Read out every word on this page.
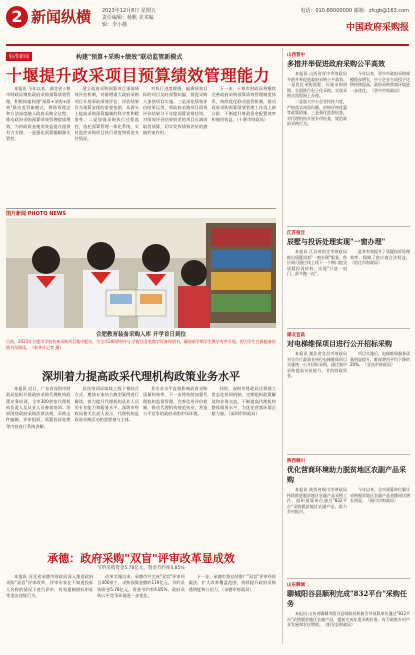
2 新闻纵横 2023年12月8日 星期五 责任编辑：杨帆 美术编辑：李小薇
电话：010-88000000 邮箱：zfcgb@163.com
中国政府采购报
标准新闻	构建"预算+采购+绩效"联动监管新模式
十堰提升政采项目预算绩效管理能力

本报讯 今年以来，湖北省十堰市财政局聚焦政府采购预算绩效管理，积极探索构建"预算+采购+绩效"联动监管新模式，将绩效理念和方法深度融入政府采购全过程，推动政府采购预算绩效管理提质增效，为财政资金使用效益提升提供有力支撑。一是强化预算编制源头管控。

建立政府采购预算项目事前绩效评估机制，对新增重大政府采购项目开展事前绩效评估，评估结果作为预算安排的重要依据，从源头上提高采购预算编制的科学性和精准性。二是加强采购执行过程监控，依托预算管理一体化系统，实时监控采购项目执行进度和资金支付情况。

对执行进度缓慢、偏离绩效目标的项目及时预警纠偏，督促采购人加快项目实施。三是深化绩效评价结果运用，将政府采购项目绩效评价结果与下年度预算安排挂钩，对绩效评价结果较差的项目压减或取消预算，切实发挥绩效评价的激励约束作用。

下一步，十堰市财政局将继续完善政府采购预算绩效管理制度体系，持续优化联动监管机制，推动政府采购预算绩效管理工作再上新台阶，不断提升财政资金配置效率和使用效益。（十堰市财政局）

图片新闻 PHOTO NEWS
合肥教育装备采购入库 开学首日到位
日前，2023年合肥市学校装备采购项目集中配送，为全市200余所中小学配送各类教学设备和图书，确保新学期学生教学有序开展。图为学生在新配备的图书角阅读。（新华社记者 摄）
深圳着力提高政采代理机构政策业务水平

本报讯 近日，广东省深圳市财政局组织开展政府采购代理机构政策业务培训，全市300余家代理机构负责人及从业人员参加培训。培训围绕政府采购法律法规、采购文件编制、评审组织、质疑投诉处理等内容进行系统讲解。

此次培训采取线上线下相结合方式，邀请专家结合典型案例进行解读，着力提升代理机构从业人员的专业能力和服务水平。深圳市财政局相关负责人表示，代理机构是政府采购活动的重要参与主体。

其专业水平直接影响政府采购质量和效率。下一步将持续加强代理机构监督管理，完善信用评价机制，推动代理机构规范执业，营造公平竞争的政府采购市场环境。

同时，深圳市财政局还将建立常态化培训机制，定期组织政策解读和业务交流，不断提高代理机构整体服务水平，为优化营商环境贡献力量。（深圳市财政局）

承德：政府采购"双盲"评审改革显成效
节约采购资金5.78亿元，资金节约率4.85%

本报讯 河北省承德市财政局深入推进政府采购"双盲"评审改革，评审专家在不知道投标人名称的情况下进行评审，有效遏制围标串标等违法违规行为。

改革实施以来，承德市共完成"双盲"评审项目400余个，采购预算金额约119亿元，节约采购资金5.78亿元，资金节约率4.85%，政府采购公平竞争环境进一步优化。

下一步，承德市将总结推广"双盲"评审经验做法，扩大改革覆盖范围，持续提升政府采购透明度和公信力。（承德市财政局）

山西晋中
多措并举促进政府采购公平高效

本报讯 山西省晋中市财政局多措并举促进政府采购公平高效。一是优化采购流程，压缩采购周期，全面推行电子化采购，实现采购全流程网上办理。

二是加大中小企业扶持力度，严格落实预留份额、价格评审优惠等政策措施。三是强化监督检查，对代理机构开展专项检查，规范政府采购行为。

今年以来，晋中市政府采购规模稳步增长，中小企业合同授予比例持续提高，政府采购营商环境进一步优化。（晋中市财政局）

江苏宿迁
辰墅与投诉处理实现"一窗办理"

本报讯 江苏省宿迁市财政局推出质疑投诉"一窗办理"服务，供应商可通过线上线下一个窗口提交质疑投诉材料，实现"只进一扇门、最多跑一次"。

此举有效提升了质疑投诉处理效率，保障了供应商合法权益。（宿迁市财政局）

湖北宜昌
对电梯维保项目进行公开招标采购

本报讯 湖北省宜昌市财政局对全市行政事业单位电梯维保项目实施统一公开招标采购，通过集中采购提高议价能力，节约财政资金。

项目实施后，电梯维保服务质量明显提升，维保费用平均下降约20%。（宜昌市财政局）

陕西铜川
优化营商环境助力脱贫地区农副产品采购

本报讯 陕西省铜川市财政局持续推进脱贫地区农副产品采购工作，组织预算单位通过"832平台"采购脱贫地区农副产品，助力乡村振兴。

今年以来，全市预算单位累计采购脱贫地区农副产品金额同比增长明显。（铜川市财政局）

山东聊城
聊城阳谷县顺利完成"832平台"采购任务

本报讯 山东省聊城市阳谷县财政局积极引导预算单位通过"832平台"采购脱贫地区农副产品，提前完成年度采购任务，有力助推乡村产业发展和农民增收。（阳谷县财政局）
